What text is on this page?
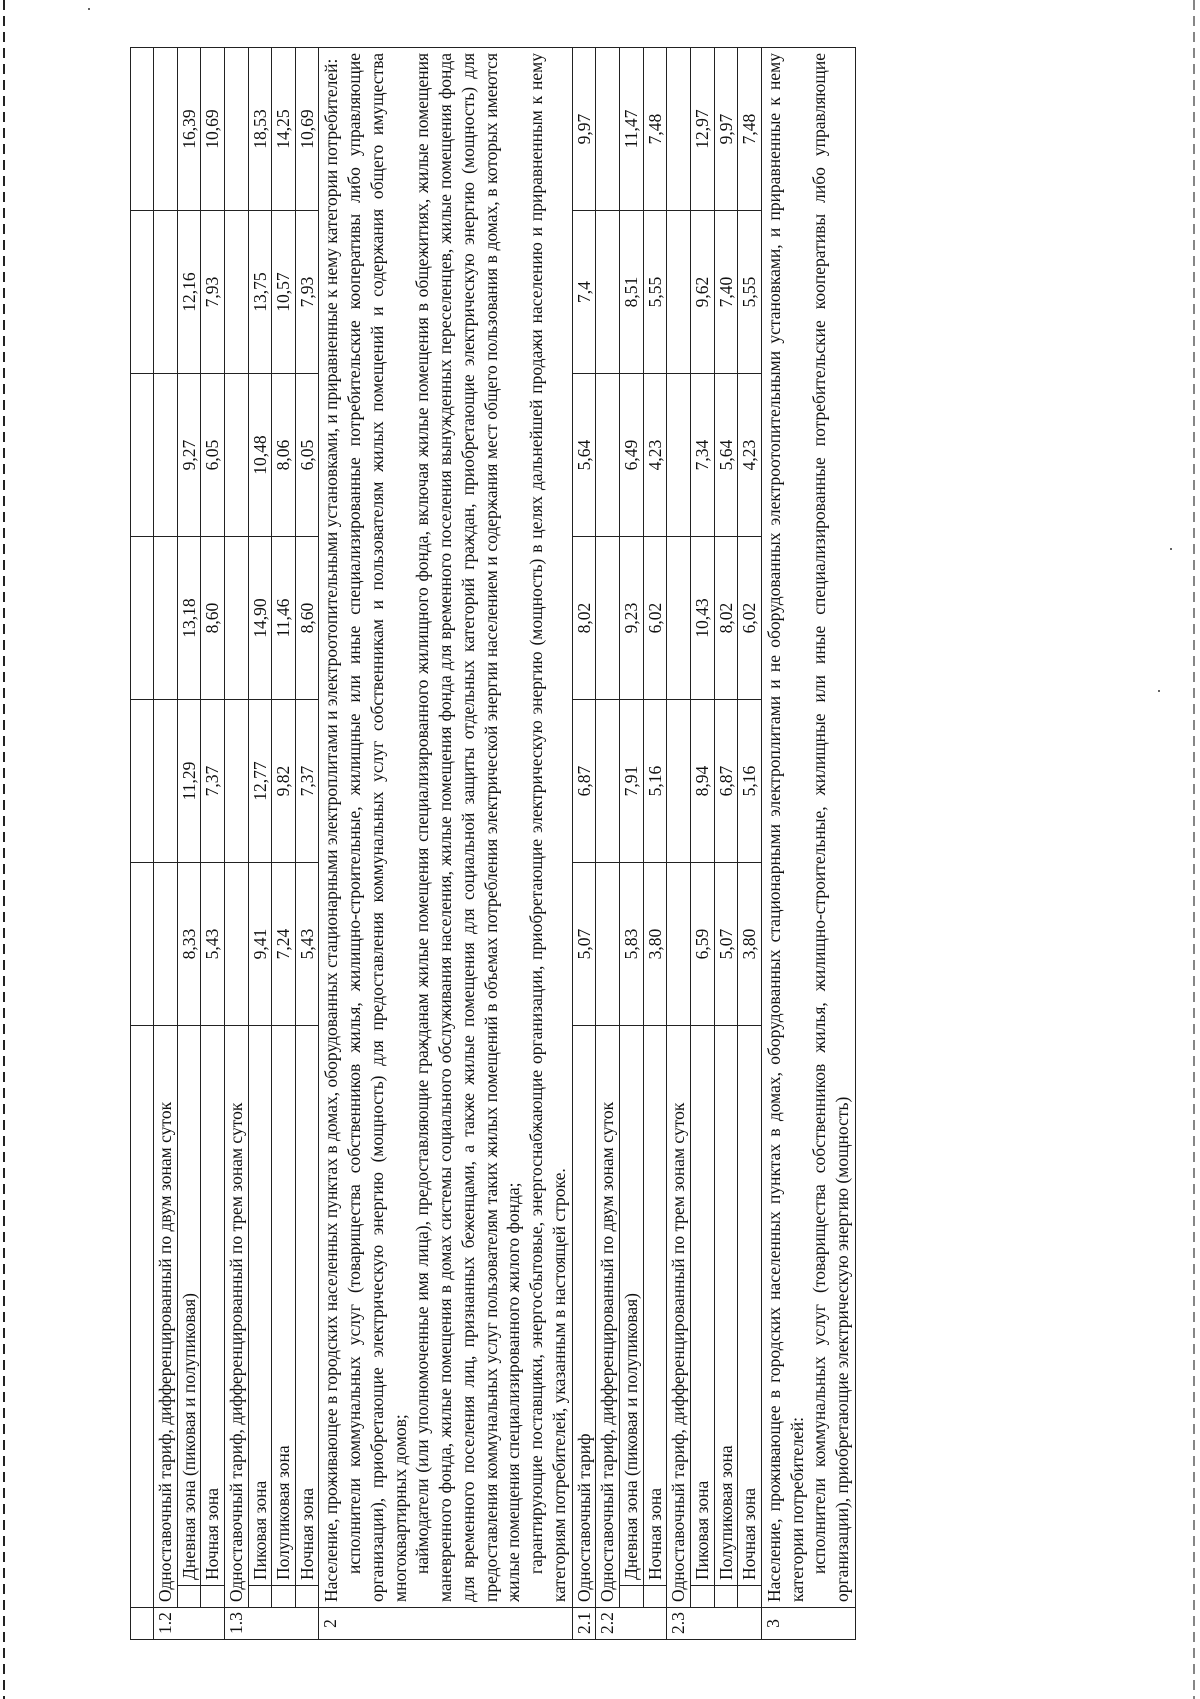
1.2	Одноставочный тариф, дифференцированный по двум зонам суток							
		Дневная зона (пиковая и полупиковая)	8,33	11,29	13,18	9,27	12,16	16,39
		Ночная зона	5,43	7,37	8,60	6,05	7,93	10,69
1.3	Одноставочный тариф, дифференцированный по трем зонам суток							
		Пиковая зона	9,41	12,77	14,90	10,48	13,75	18,53
		Полупиковая зона	7,24	9,82	11,46	8,06	10,57	14,25
		Ночная зона	5,43	7,37	8,60	6,05	7,93	10,69
2	Население, проживающее в городских населенных пунктах в домах, оборудованных стационарными электроплитами и электроотопительными установками, и приравненные к нему категории потребителей: исполнители коммунальных услуг (товарищества собственников жилья, жилищно-строительные, жилищные или иные специализированные потребительские кооперативы либо управляющие организации), приобретающие электрическую энергию (мощность) для предоставления коммунальных услуг собственникам и пользователям жилых помещений и содержания общего имущества многоквартирных домов; наймодатели (или уполномоченные имя лица), предоставляющие гражданам жилые помещения специализированного жилищного фонда, включая жилые помещения в общежитиях, жилые помещения маневренного фонда, жилые помещения в домах системы социального обслуживания населения, жилые помещения фонда для временного поселения вынужденных переселенцев, жилые помещения фонда для временного поселения лиц, признанных беженцами, а также жилые помещения для социальной защиты отдельных категорий граждан, приобретающие электрическую энергию (мощность) для предоставления коммунальных услуг пользователям таких жилых помещений в объемах потребления электрической энергии населением и содержания мест общего пользования в домах, в которых имеются жилые помещения специализированного жилого фонда; гарантирующие поставщики, энергосбытовые, энергоснабжающие организации, приобретающие электрическую энергию (мощность) в целях дальнейшей продажи населению и приравненным к нему категориям потребителей, указанным в настоящей строке.							

2.1	Одноставочный тариф		5,07	6,87	8,02	5,64	7,4	9,97
2.2	Одноставочный тариф, дифференцированный по двум зонам суток							
		Дневная зона (пиковая и полупиковая)	5,83	7,91	9,23	6,49	8,51	11,47
		Ночная зона	3,80	5,16	6,02	4,23	5,55	7,48
2.3	Одноставочный тариф, дифференцированный по трем зонам суток							
		Пиковая зона	6,59	8,94	10,43	7,34	9,62	12,97
		Полупиковая зона	5,07	6,87	8,02	5,64	7,40	9,97
		Ночная зона	3,80	5,16	6,02	4,23	5,55	7,48
3	Население, проживающее в городских населенных пунктах в домах, оборудованных стационарными электроплитами и не оборудованных электроотопительными установками, и приравненные к нему категории потребителей: исполнители коммунальных услуг (товарищества собственников жилья, жилищно-строительные, жилищные или иные специализированные потребительские кооперативы либо управляющие организации), приобретающие электрическую энергию (мощность)							
